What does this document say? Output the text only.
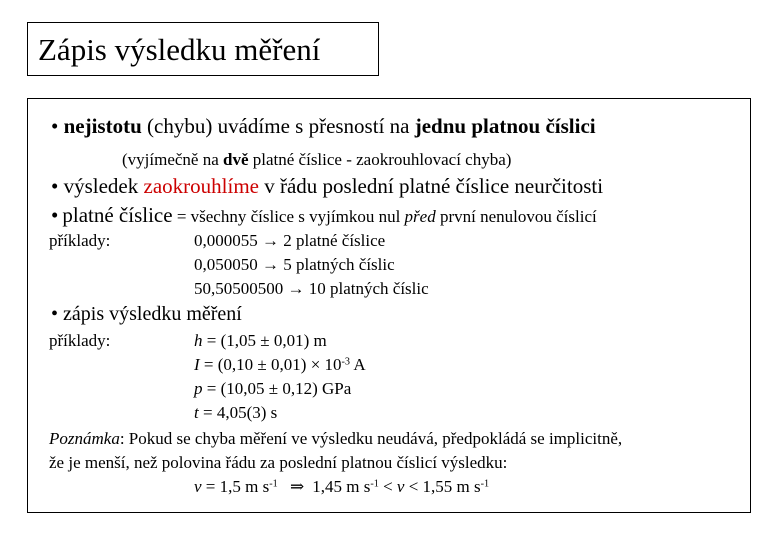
Zápis výsledku měření
• nejistotu (chybu) uvádíme s přesností na jednu platnou číslici
(vyjímečně na dvě platné číslice - zaokrouhlovací chyba)
• výsledek zaokrouhlíme v řádu poslední platné číslice neurčitosti
• platné číslice = všechny číslice s vyjímkou nul před první nenulovou číslicí
příklady:	0,000055 → 2 platné číslice
0,050050 → 5 platných číslic
50,50500500 → 10 platných číslic
• zápis výsledku měření
příklady:	h = (1,05 ± 0,01) m
$I = (0,10 \pm 0,01) \times 10^{-3}$ A
p = (10,05 ± 0,12) GPa
t = 4,05(3) s
Poznámka: Pokud se chyba měření ve výsledku neudává, předpokládá se implicitně,
že je menší, než polovina řádu za poslední platnou číslicí výsledku:
v = 1,5 m $s^{-1}$ ⇒ 1,45 m $s^{-1} < v < 1,55$ m $s^{-1}$
